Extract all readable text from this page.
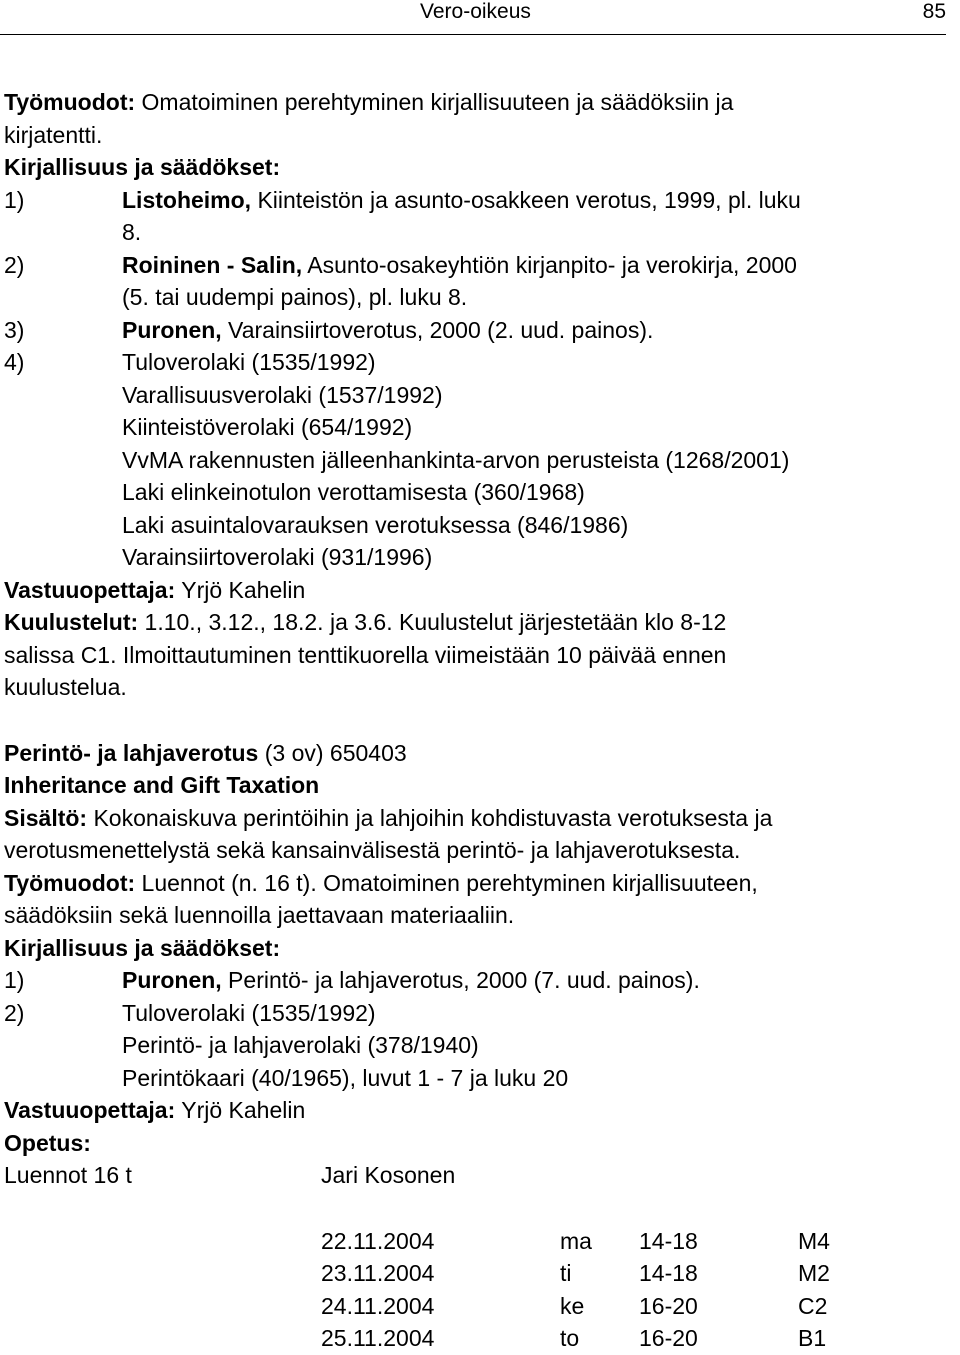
Vero-oikeus	85
Työmuodot: Omatoiminen perehtyminen kirjallisuuteen ja säädöksiin ja
kirjatentti.
Kirjallisuus ja säädökset:
1)	Listoheimo, Kiinteistön ja asunto-osakkeen verotus, 1999, pl. luku
8.
2)	Roininen - Salin, Asunto-osakeyhtiön kirjanpito- ja verokirja, 2000
(5. tai uudempi painos), pl. luku 8.
3)	Puronen, Varainsiirtoverotus, 2000 (2. uud. painos).
4)	Tuloverolaki (1535/1992)
Varallisuusverolaki (1537/1992)
Kiinteistöverolaki (654/1992)
VvMA rakennusten jälleenhankinta-arvon perusteista (1268/2001)
Laki elinkeinotulon verottamisesta (360/1968)
Laki asuintalovarauksen verotuksessa (846/1986)
Varainsiirtoverolaki (931/1996)
Vastuuopettaja: Yrjö Kahelin
Kuulustelut: 1.10., 3.12., 18.2. ja 3.6. Kuulustelut järjestetään klo 8-12
salissa C1. Ilmoittautuminen tenttikuorella viimeistään 10 päivää ennen
kuulustelua.
Perintö- ja lahjaverotus (3 ov) 650403
Inheritance and Gift Taxation
Sisältö: Kokonaiskuva perintöihin ja lahjoihin kohdistuvasta verotuksesta ja
verotusmenettelystä sekä kansainvälisestä perintö- ja lahjaverotuksesta.
Työmuodot: Luennot (n. 16 t). Omatoiminen perehtyminen kirjallisuuteen,
säädöksiin sekä luennoilla jaettavaan materiaaliin.
Kirjallisuus ja säädökset:
1)	Puronen, Perintö- ja lahjaverotus, 2000 (7. uud. painos).
2)	Tuloverolaki (1535/1992)
Perintö- ja lahjaverolaki (378/1940)
Perintökaari (40/1965), luvut 1 - 7 ja luku 20
Vastuuopettaja: Yrjö Kahelin
Opetus:
Luennot 16 t	Jari Kosonen
22.11.2004	ma 14-18	M4
23.11.2004	ti	14-18	M2
24.11.2004	ke 16-20	C2
25.11.2004	to	16-20	B1
